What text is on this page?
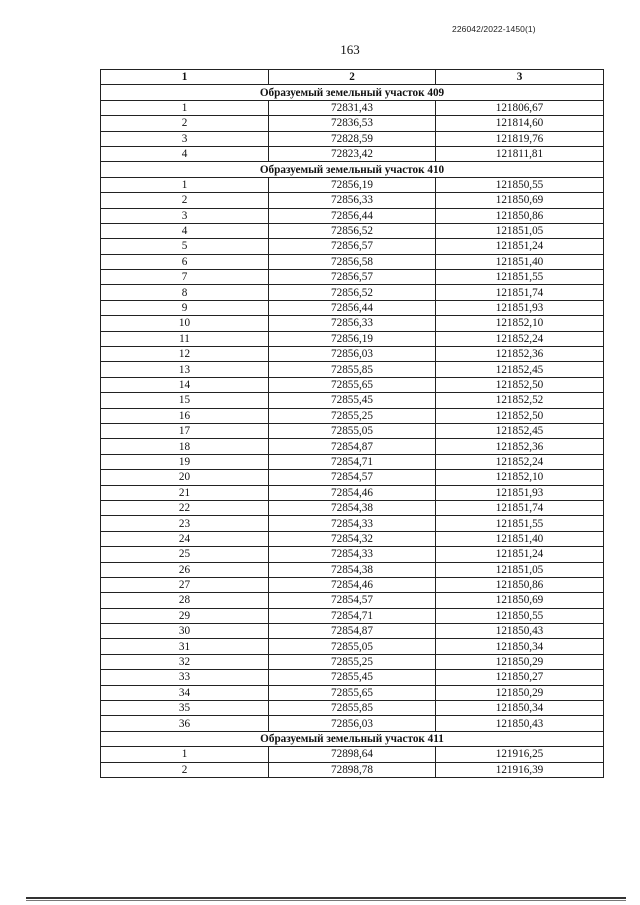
226042/2022-1450(1)
163
1	2	3
Образуемый земельный участок 409		
1	72831,43	121806,67
2	72836,53	121814,60
3	72828,59	121819,76
4	72823,42	121811,81
Образуемый земельный участок 410		
1	72856,19	121850,55
2	72856,33	121850,69
3	72856,44	121850,86
4	72856,52	121851,05
5	72856,57	121851,24
6	72856,58	121851,40
7	72856,57	121851,55
8	72856,52	121851,74
9	72856,44	121851,93
10	72856,33	121852,10
11	72856,19	121852,24
12	72856,03	121852,36
13	72855,85	121852,45
14	72855,65	121852,50
15	72855,45	121852,52
16	72855,25	121852,50
17	72855,05	121852,45
18	72854,87	121852,36
19	72854,71	121852,24
20	72854,57	121852,10
21	72854,46	121851,93
22	72854,38	121851,74
23	72854,33	121851,55
24	72854,32	121851,40
25	72854,33	121851,24
26	72854,38	121851,05
27	72854,46	121850,86
28	72854,57	121850,69
29	72854,71	121850,55
30	72854,87	121850,43
31	72855,05	121850,34
32	72855,25	121850,29
33	72855,45	121850,27
34	72855,65	121850,29
35	72855,85	121850,34
36	72856,03	121850,43
Образуемый земельный участок 411		
1	72898,64	121916,25
2	72898,78	121916,39
